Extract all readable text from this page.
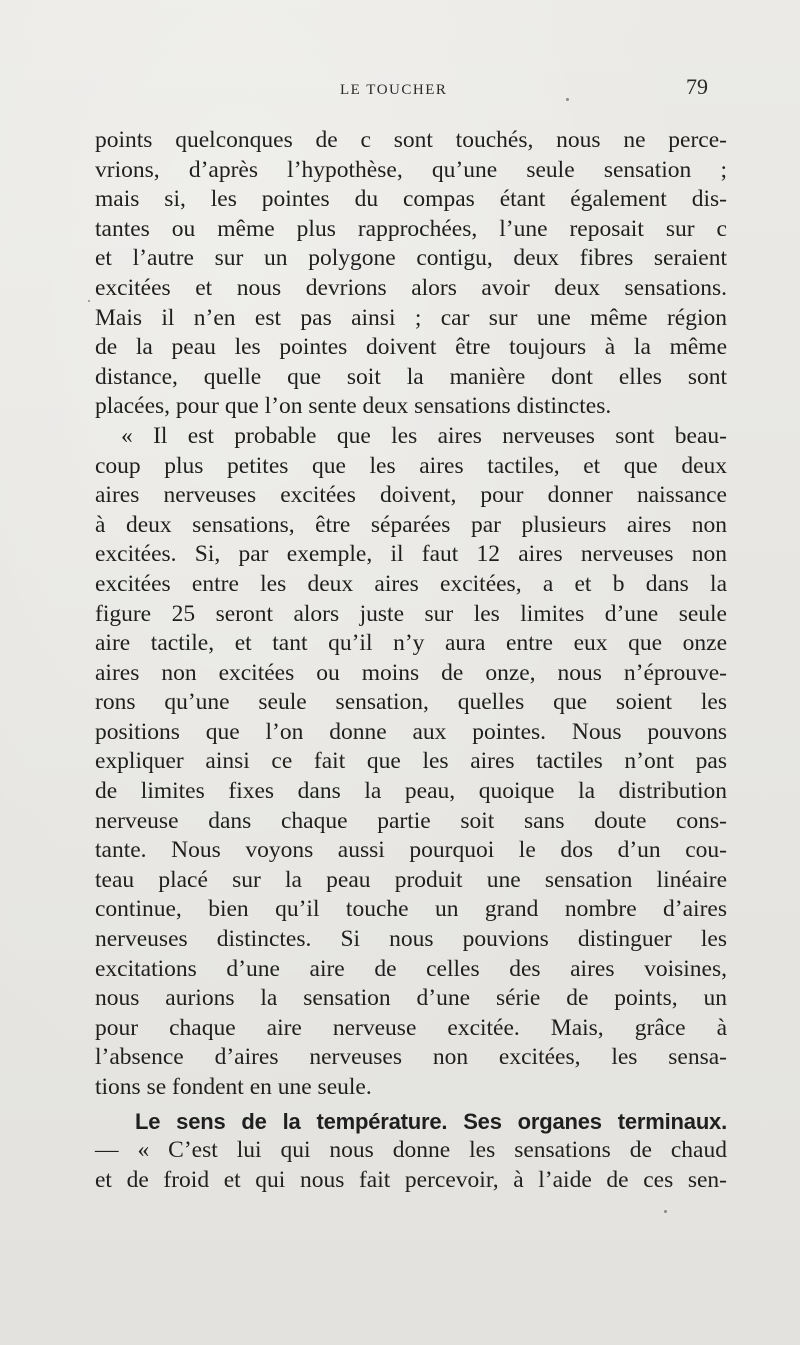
LE TOUCHER	79
points quelconques de c sont touchés, nous ne perce-
vrions, d’après l’hypothèse, qu’une seule sensation ;
mais si, les pointes du compas étant également dis-
tantes ou même plus rapprochées, l’une reposait sur c
et l’autre sur un polygone contigu, deux fibres seraient
excitées et nous devrions alors avoir deux sensations.
Mais il n’en est pas ainsi ; car sur une même région
de la peau les pointes doivent être toujours à la même
distance, quelle que soit la manière dont elles sont
placées, pour que l’on sente deux sensations distinctes.
« Il est probable que les aires nerveuses sont beau-
coup plus petites que les aires tactiles, et que deux
aires nerveuses excitées doivent, pour donner naissance
à deux sensations, être séparées par plusieurs aires non
excitées. Si, par exemple, il faut 12 aires nerveuses non
excitées entre les deux aires excitées, a et b dans la
figure 25 seront alors juste sur les limites d’une seule
aire tactile, et tant qu’il n’y aura entre eux que onze
aires non excitées ou moins de onze, nous n’éprouve-
rons qu’une seule sensation, quelles que soient les
positions que l’on donne aux pointes. Nous pouvons
expliquer ainsi ce fait que les aires tactiles n’ont pas
de limites fixes dans la peau, quoique la distribution
nerveuse dans chaque partie soit sans doute cons-
tante. Nous voyons aussi pourquoi le dos d’un cou-
teau placé sur la peau produit une sensation linéaire
continue, bien qu’il touche un grand nombre d’aires
nerveuses distinctes. Si nous pouvions distinguer les
excitations d’une aire de celles des aires voisines,
nous aurions la sensation d’une série de points, un
pour chaque aire nerveuse excitée. Mais, grâce à
l’absence d’aires nerveuses non excitées, les sensa-
tions se fondent en une seule.
Le sens de la température. Ses organes terminaux.
— « C’est lui qui nous donne les sensations de chaud
et de froid et qui nous fait percevoir, à l’aide de ces sen-
